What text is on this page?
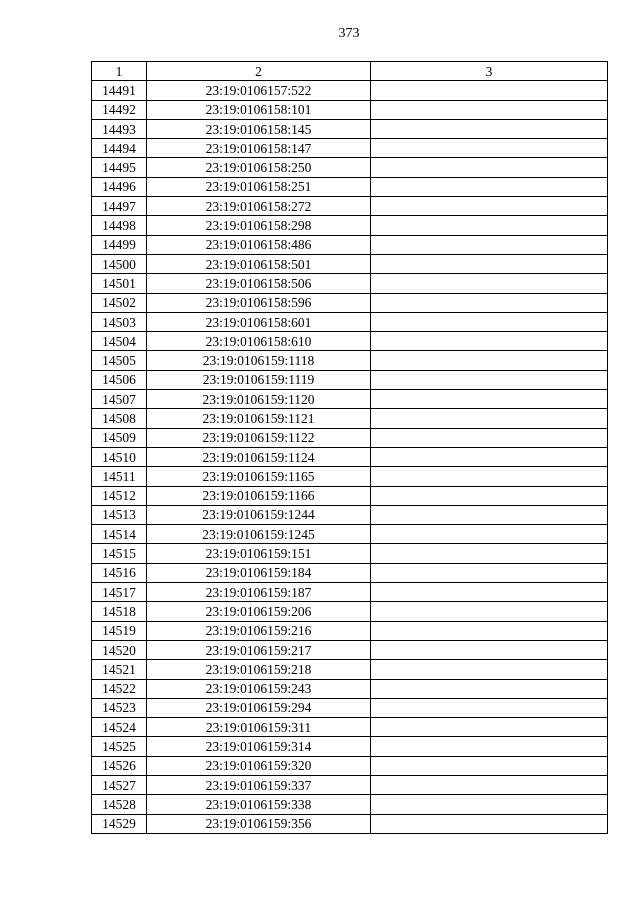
373
1	2	3
14491	23:19:0106157:522	
14492	23:19:0106158:101	
14493	23:19:0106158:145	
14494	23:19:0106158:147	
14495	23:19:0106158:250	
14496	23:19:0106158:251	
14497	23:19:0106158:272	
14498	23:19:0106158:298	
14499	23:19:0106158:486	
14500	23:19:0106158:501	
14501	23:19:0106158:506	
14502	23:19:0106158:596	
14503	23:19:0106158:601	
14504	23:19:0106158:610	
14505	23:19:0106159:1118	
14506	23:19:0106159:1119	
14507	23:19:0106159:1120	
14508	23:19:0106159:1121	
14509	23:19:0106159:1122	
14510	23:19:0106159:1124	
14511	23:19:0106159:1165	
14512	23:19:0106159:1166	
14513	23:19:0106159:1244	
14514	23:19:0106159:1245	
14515	23:19:0106159:151	
14516	23:19:0106159:184	
14517	23:19:0106159:187	
14518	23:19:0106159:206	
14519	23:19:0106159:216	
14520	23:19:0106159:217	
14521	23:19:0106159:218	
14522	23:19:0106159:243	
14523	23:19:0106159:294	
14524	23:19:0106159:311	
14525	23:19:0106159:314	
14526	23:19:0106159:320	
14527	23:19:0106159:337	
14528	23:19:0106159:338	
14529	23:19:0106159:356	
